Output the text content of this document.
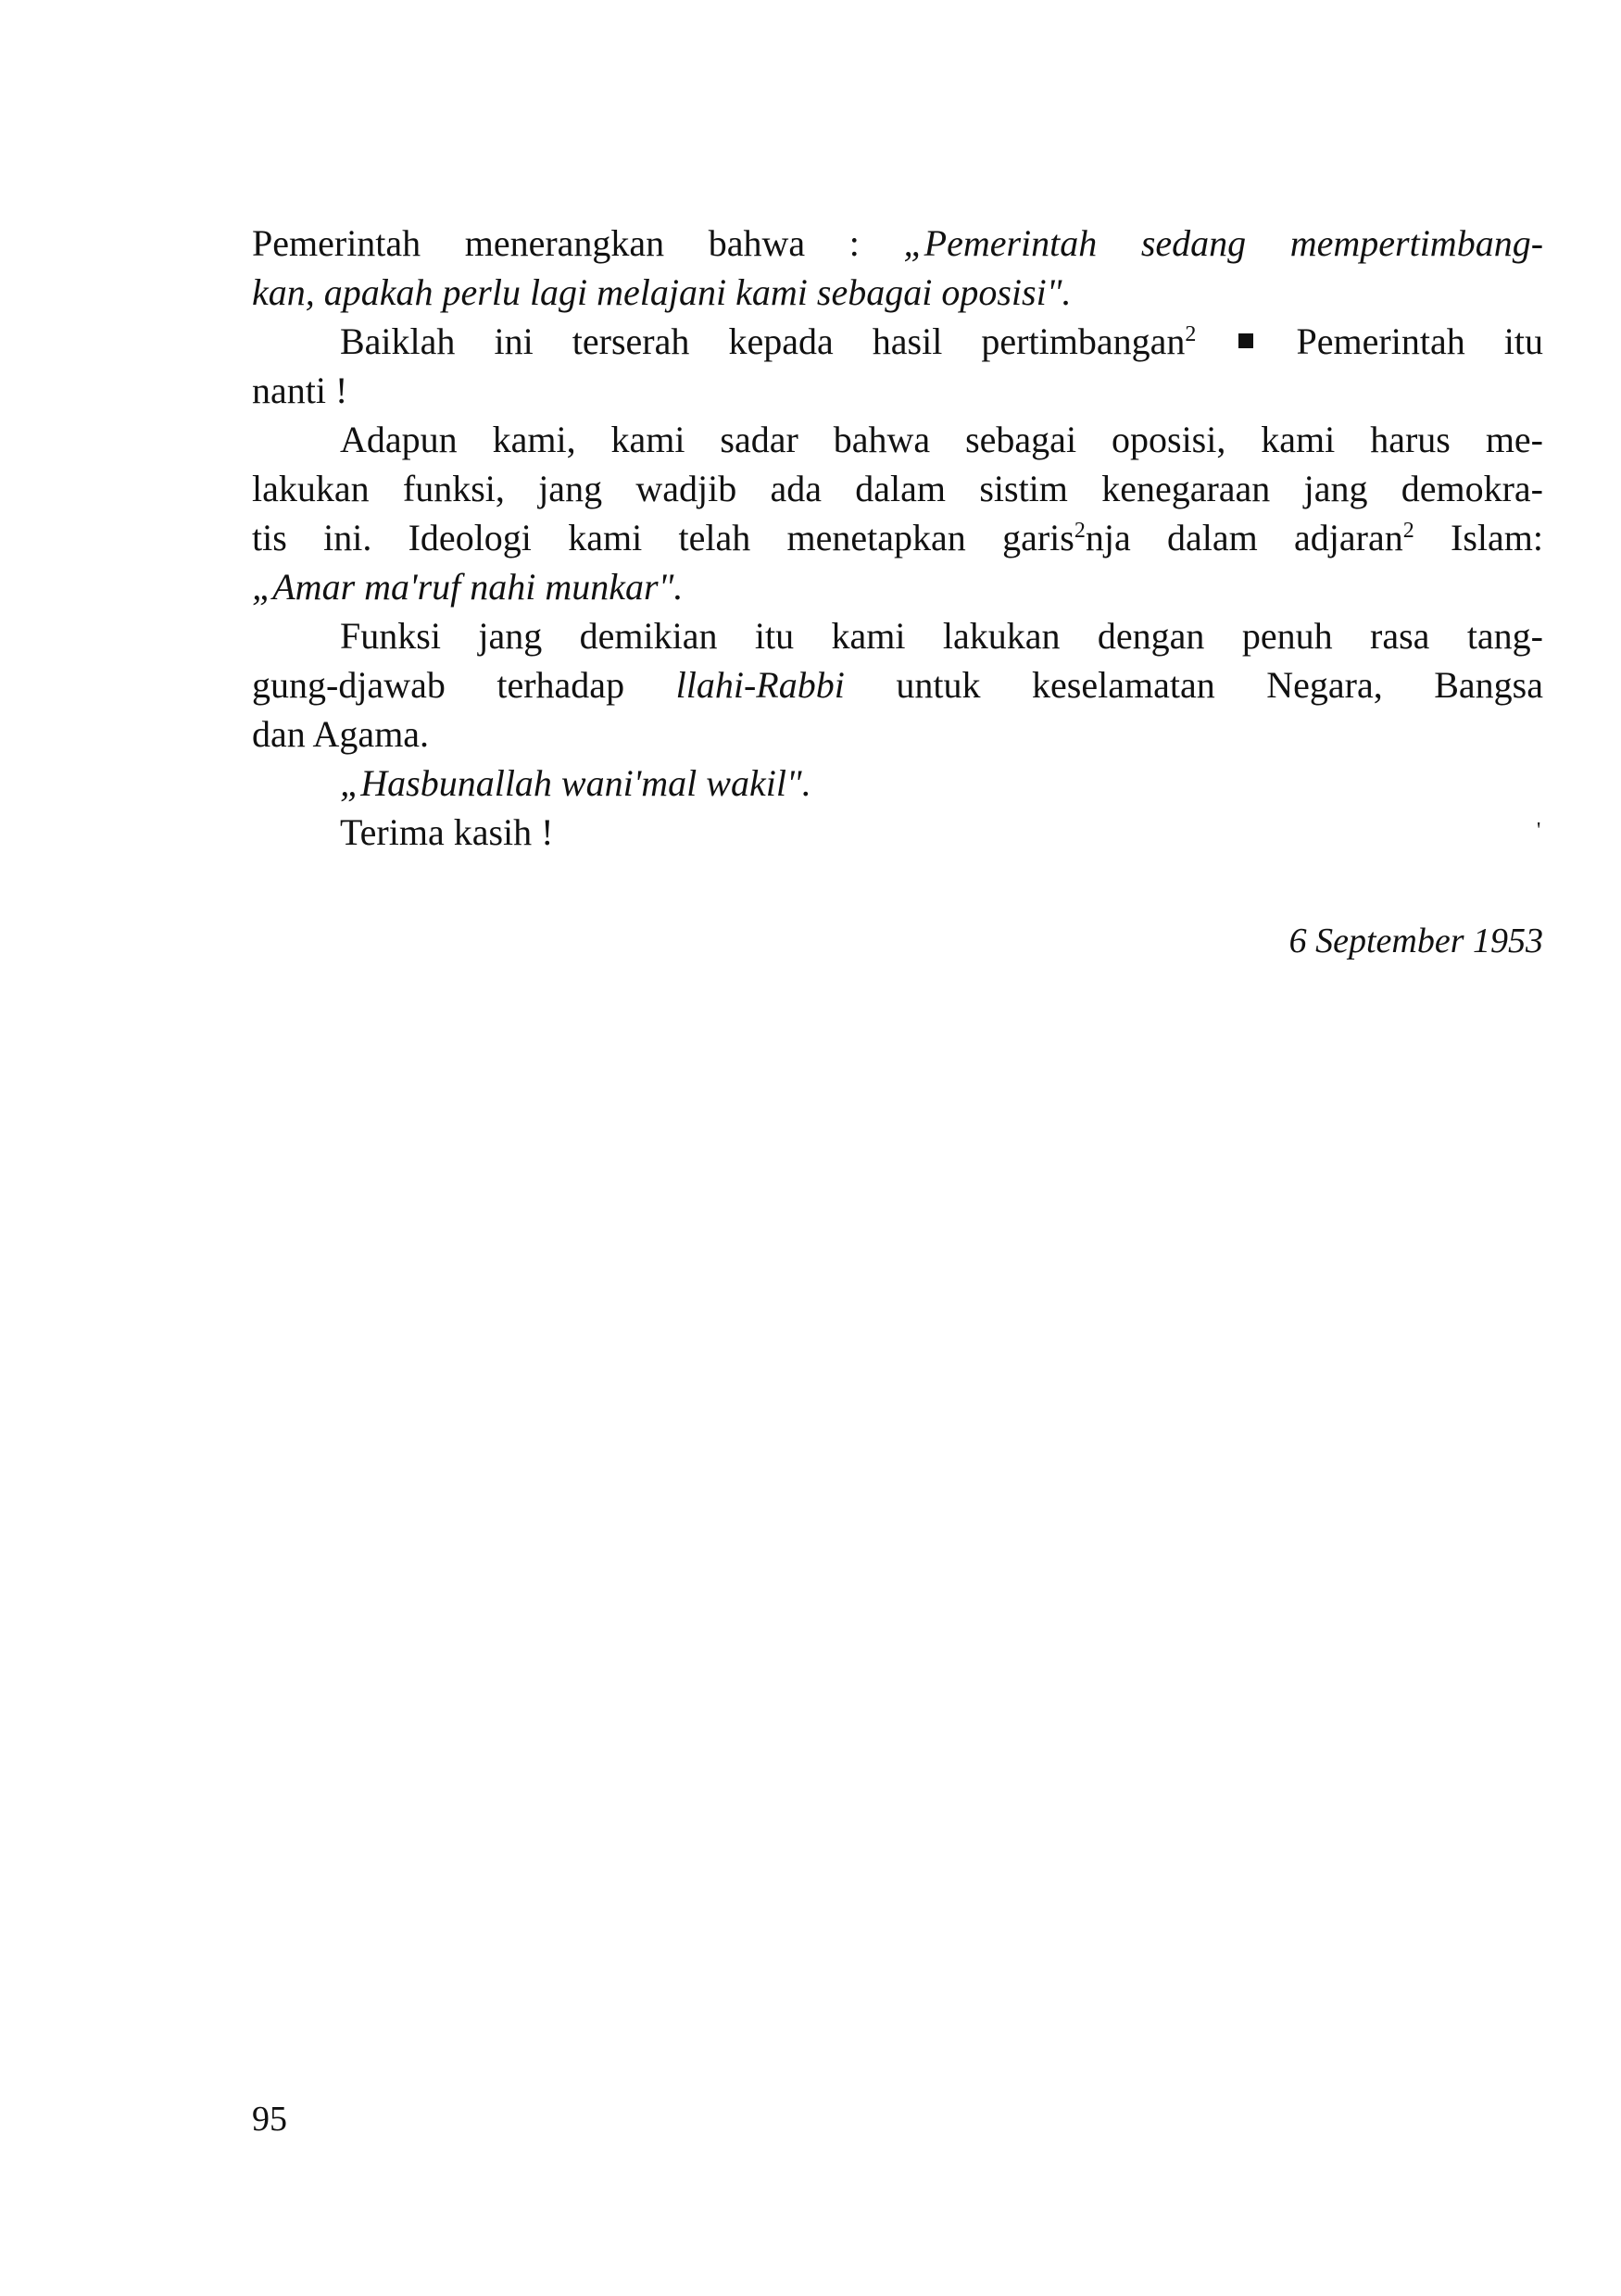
Pemerintah menerangkan bahwa : „Pemerintah sedang mempertimbang-
kan, apakah perlu lagi melajani kami sebagai oposisi".
Baiklah ini terserah kepada hasil pertimbangan$^2$	Pemerintah itu
nanti !
Adapun kami, kami sadar bahwa sebagai oposisi, kami harus me-
lakukan funksi, jang wadjib ada dalam sistim kenegaraan jang demokra-
tis ini. Ideologi kami telah menetapkan garis$^2$nja dalam adjaran$^2$ Islam:
„Amar ma'ruf nahi munkar".
Funksi jang demikian itu kami lakukan dengan penuh rasa tang-
gung-djawab terhadap llahi-Rabbi untuk keselamatan Negara, Bangsa
dan Agama.
„Hasbunallah wani'mal wakil".
Terima kasih !	'
6 September 1953
95
